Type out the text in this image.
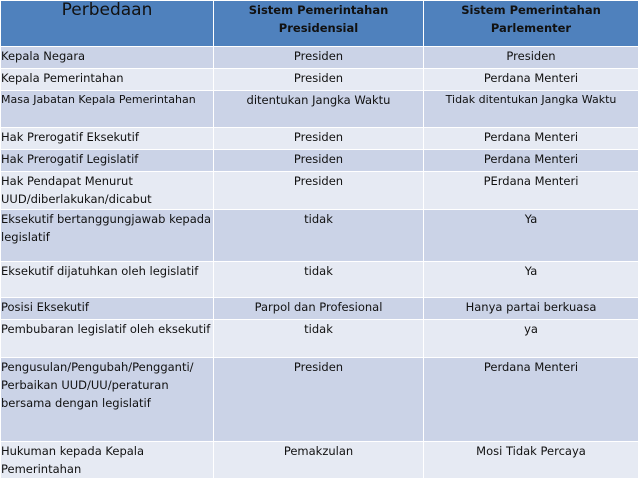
Perbedaan	Sistem Pemerintahan Presidensial	Sistem Pemerintahan Parlementer
Kepala Negara	Presiden	Presiden
Kepala Pemerintahan	Presiden	Perdana Menteri
Masa Jabatan Kepala Pemerintahan	ditentukan Jangka Waktu	Tidak ditentukan Jangka Waktu
Hak Prerogatif Eksekutif	Presiden	Perdana Menteri
Hak Prerogatif Legislatif	Presiden	Perdana Menteri
Hak Pendapat Menurut UUD/diberlakukan/dicabut	Presiden	PErdana Menteri
Eksekutif bertanggungjawab kepada legislatif	tidak	Ya
Eksekutif dijatuhkan oleh legislatif	tidak	Ya
Posisi Eksekutif	Parpol dan Profesional	Hanya partai berkuasa
Pembubaran legislatif oleh eksekutif	tidak	ya
Pengusulan/Pengubah/Pengganti/ Perbaikan UUD/UU/peraturan bersama dengan legislatif	Presiden	Perdana Menteri
Hukuman kepada Kepala Pemerintahan	Pemakzulan	Mosi Tidak Percaya
